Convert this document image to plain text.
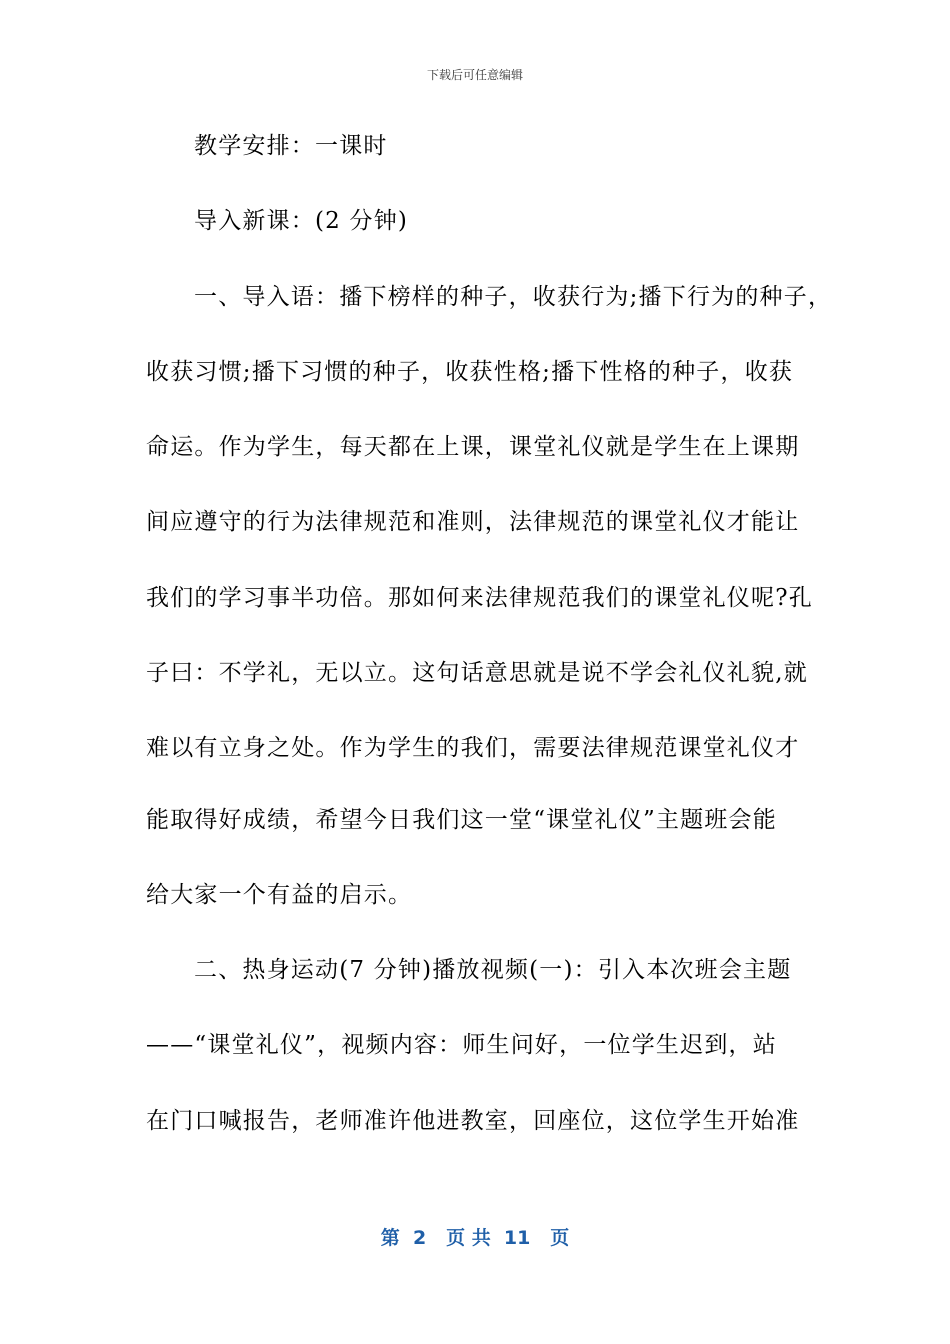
下载后可任意编辑
教学安排：一课时
导入新课：(2 分钟)
一、导入语：播下榜样的种子，收获行为;播下行为的种子，
收获习惯;播下习惯的种子，收获性格;播下性格的种子，收获
命运。作为学生，每天都在上课，课堂礼仪就是学生在上课期
间应遵守的行为法律规范和准则，法律规范的课堂礼仪才能让
我们的学习事半功倍。那如何来法律规范我们的课堂礼仪呢?孔
子曰：不学礼，无以立。这句话意思就是说不学会礼仪礼貌,就
难以有立身之处。作为学生的我们，需要法律规范课堂礼仪才
能取得好成绩，希望今日我们这一堂“课堂礼仪”主题班会能
给大家一个有益的启示。
二、热身运动(7 分钟)播放视频(一)：引入本次班会主题
——“课堂礼仪”，视频内容：师生问好，一位学生迟到，站
在门口喊报告，老师准许他进教室，回座位，这位学生开始准
第  2   页 共  11   页
